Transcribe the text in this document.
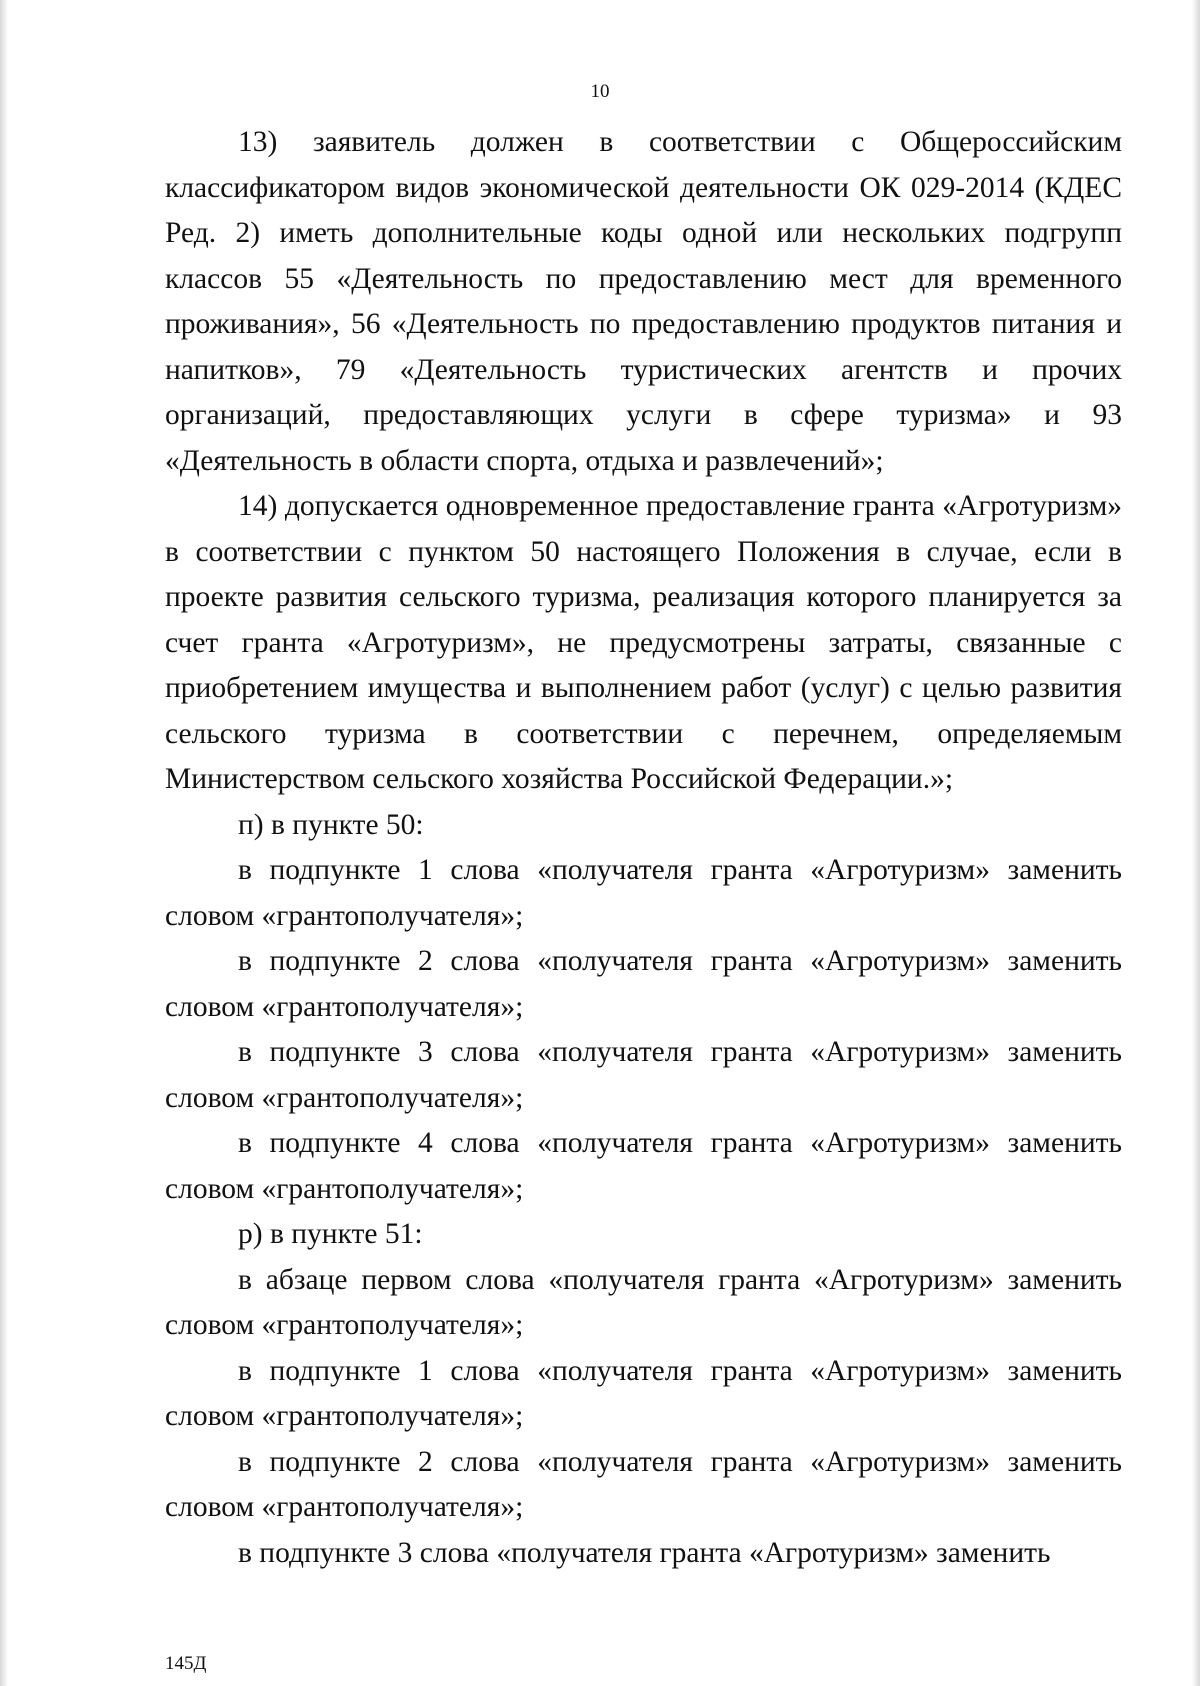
10

13) заявитель должен в соответствии с Общероссийским классификатором видов экономической деятельности ОК 029-2014 (КДЕС Ред. 2) иметь дополнительные коды одной или нескольких подгрупп классов 55 «Деятельность по предоставлению мест для временного проживания», 56 «Деятельность по предоставлению продуктов питания и напитков», 79 «Деятельность туристических агентств и прочих организаций, предоставляющих услуги в сфере туризма» и 93 «Деятельность в области спорта, отдыха и развлечений»;

14) допускается одновременное предоставление гранта «Агротуризм» в соответствии с пунктом 50 настоящего Положения в случае, если в проекте развития сельского туризма, реализация которого планируется за счет гранта «Агротуризм», не предусмотрены затраты, связанные с приобретением имущества и выполнением работ (услуг) с целью развития сельского туризма в соответствии с перечнем, определяемым Министерством сельского хозяйства Российской Федерации.»;

п) в пункте 50:

в подпункте 1 слова «получателя гранта «Агротуризм» заменить словом «грантополучателя»;

в подпункте 2 слова «получателя гранта «Агротуризм» заменить словом «грантополучателя»;

в подпункте 3 слова «получателя гранта «Агротуризм» заменить словом «грантополучателя»;

в подпункте 4 слова «получателя гранта «Агротуризм» заменить словом «грантополучателя»;

р) в пункте 51:

в абзаце первом слова «получателя гранта «Агротуризм» заменить словом «грантополучателя»;

в подпункте 1 слова «получателя гранта «Агротуризм» заменить словом «грантополучателя»;

в подпункте 2 слова «получателя гранта «Агротуризм» заменить словом «грантополучателя»;

в подпункте 3 слова «получателя гранта «Агротуризм» заменить

145Д
